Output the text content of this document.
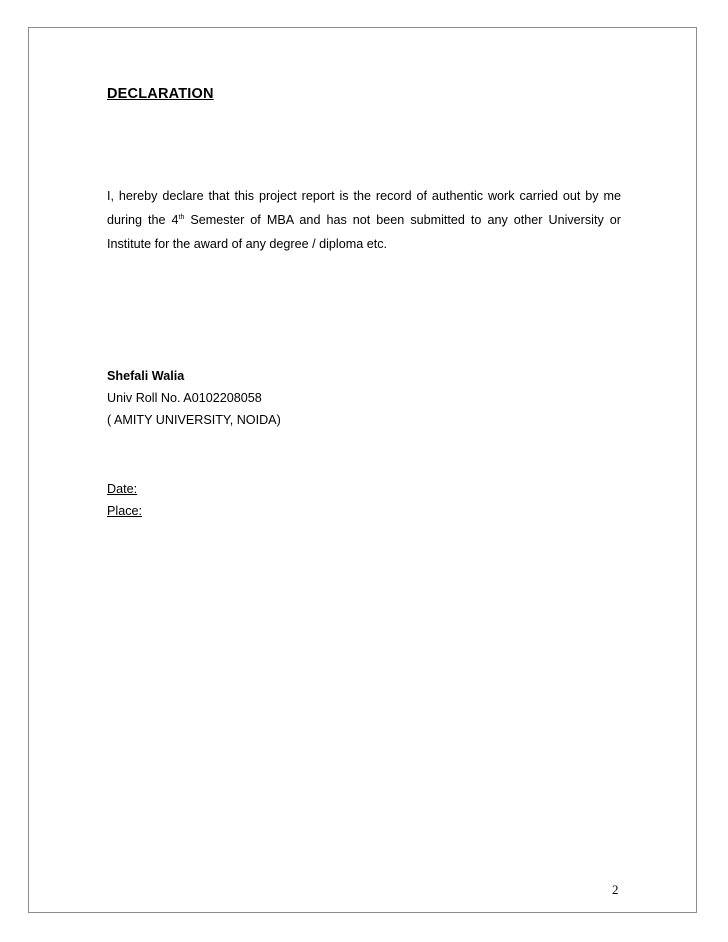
DECLARATION
I, hereby declare that this project report is the record of authentic work carried out by me
during the 4th Semester of MBA and has not been submitted to any other University or
Institute for the award of any degree / diploma etc.
Shefali Walia
Univ Roll No. A0102208058
( AMITY UNIVERSITY, NOIDA)
Date:
Place:
2
